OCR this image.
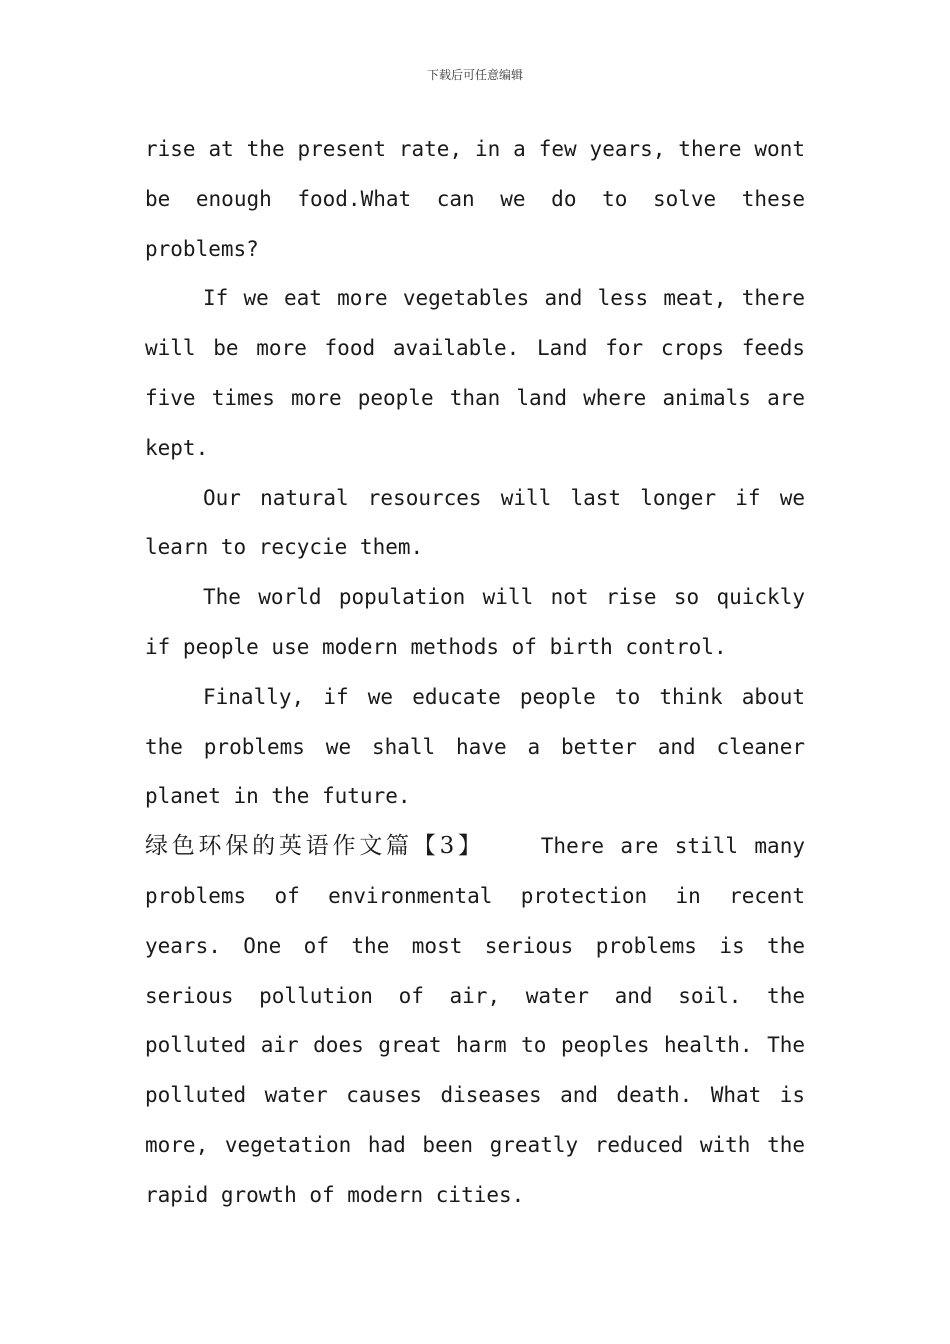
下载后可任意编辑

rise at the present rate, in a few years, there wont be enough food.What can we do to solve these problems?

If we eat more vegetables and less meat, there will be more food available. Land for crops feeds five times more people than land where animals are kept.

Our natural resources will last longer if we learn to recycie them.

The world population will not rise so quickly if people use modern methods of birth control.

Finally, if we educate people to think about the problems we shall have a better and cleaner planet in the future.

绿色环保的英语作文篇【3】	There are still many problems of environmental protection in recent years. One of the most serious problems is the serious pollution of air, water and soil. the polluted air does great harm to peoples health. The polluted water causes diseases and death. What is more, vegetation had been greatly reduced with the rapid growth of modern cities.
